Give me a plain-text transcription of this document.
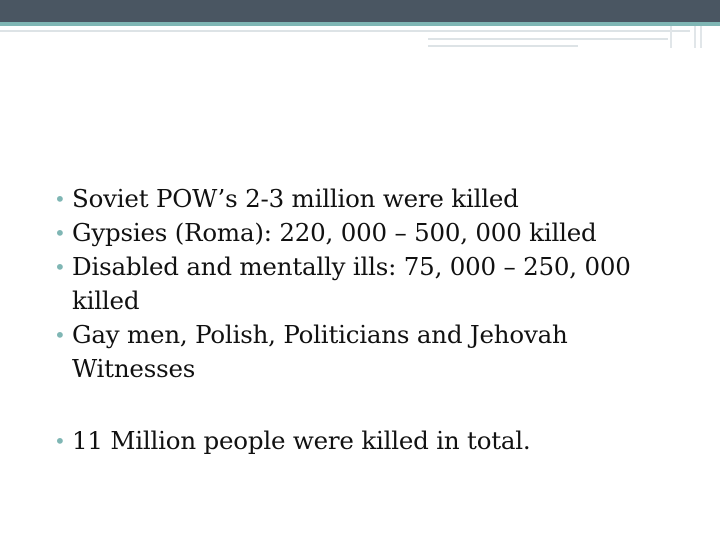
• Soviet POW’s 2-3 million were killed
• Gypsies (Roma): 220, 000 – 500, 000 killed
• Disabled and mentally ills: 75, 000 – 250, 000 killed
• Gay men, Polish, Politicians and Jehovah Witnesses
• 11 Million people were killed in total.
